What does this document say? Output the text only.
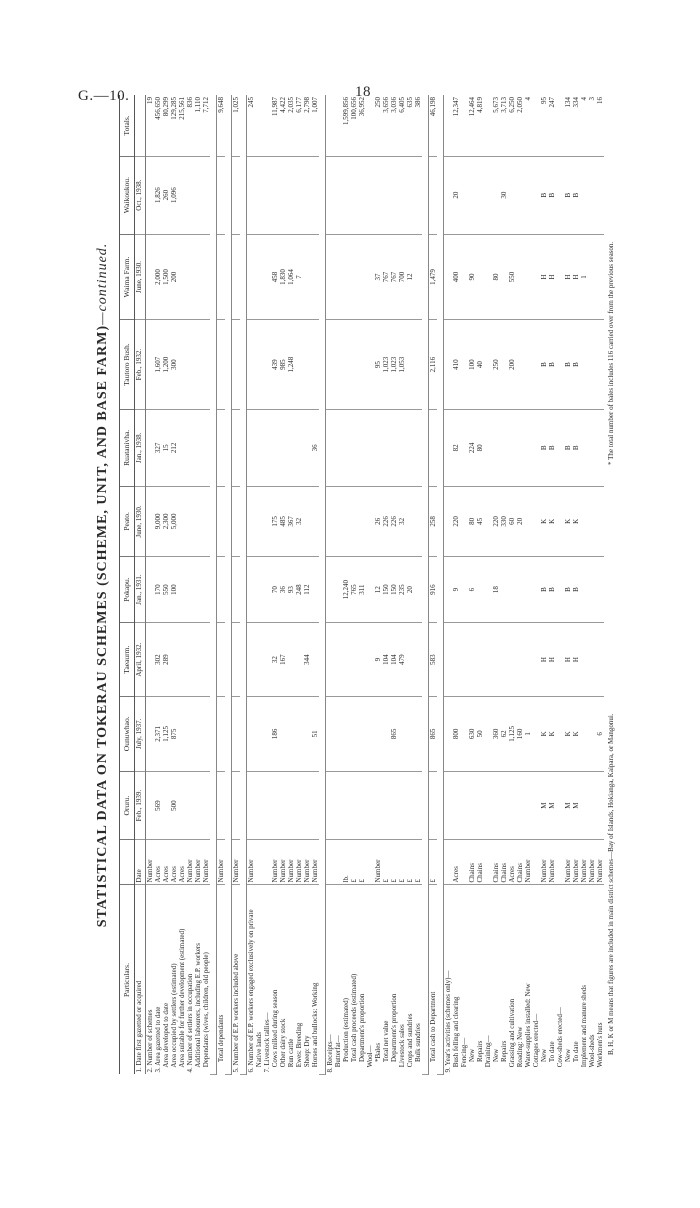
G.—10.	18
STATISTICAL DATA ON TOKERAU SCHEMES (SCHEME, UNIT, AND BASE FARM)—continued.
Particulars.		Oruru.	Ounuwhao.	Taeaurm.	Pokapu.	Peato.	Ruatanivha.	Tautoro Bush.	Waima Farm.	Waikoukou.	Totals.
1. Date first gazetted or acquired	Date	Feb., 1939.	July, 1937.	April, 1932.	Jan., 1931.	June, 1930.	Jan., 1938.	Feb., 1932.	June, 1930.	Oct., 1938.	
2. Number of schemes	Number										19
3. Area gazetted to date	Acres	569	2,371	302	170	9,000	327	1,607	2,000	1,826	456,650
Area developed to date	Acres		1,125	289	550	2,300	15	1,200	1,500	260	80,299
Area occupied by settlers (estimated)	Acres	500	875		100	5,000	212	300	200	1,096	129,285
Area suitable for further development (estimated)	Acres										215,561
4. Number of settlers in occupation	Number										836
Additional labourers, including E.P. workers	Number										1,110
Dependants (wives, children, old people)	Number										7,712

Total dependants	Number										9,648

5. Number of E.P. workers included above	Number										1,025

6. Number of E.P. workers engaged exclusively on private	Number										245
Native lands											
7. Livestock tallies—											
Cows milked during season	Number		186	32	70	175		439	458		11,987
Other dairy stock	Number			167	36	485		985	1,830		4,422
Run cattle	Number				93	367		1,248	1,064		2,035
Ewes: Breeding	Number				248	32			7		6,177
Sheep: Dry	Number			344	112						2,798
Horses and bullocks: Working	Number		51				36				1,007

8. Receipts—											
Butterfat—											
Production (estimated)	lb.				12,240						1,599,856
Total cash proceeds (estimated)	£				765						100,656
Department's proportion	£				311						36,952
Wool—											
*Bales	Number			9	12	26		95	37		250
Total net value	£			104	150	226		1,023	767		3,656
Department's proportion	£		865	104	150	226		1,023	767		3,036
Livestock sales	£			479	235	32		1,053	700		6,405
Crops and sundries	£				20				12		635
Bulk sundries	£										386

Total cash to Department	£		865	583	916	258		2,116	1,479		46,198

9. Year's activities (schemes only)—											
Bush felling and clearing	Acres		800		9	220	82	410	400	20	12,347
Fencing—											
New	Chains		630		6	80	224	100	90		12,464
Repairs	Chains		50			45	80	40			4,819
Draining—											
New	Chains		360		18	220		250	80		5,673
Repairs	Chains		62			330				30	3,713
Grassing and cultivation	Acres		1,125			60		200	550		6,250
Roading: New	Chains		160			20					2,050
Water-supplies installed: New	Number		1								4
Cottages erected—											
New	Number	M	K	H	B	K	B	B	H	B	95
To date	Number	M	K	H	B	K	B	B	H	B	247
Cow-sheds erected—											
New	Number	M	K	H	B	K	B	B	H	B	134
To date	Number	M	K	H	B	K	B	B	H	B	334
Implement and manure sheds	Number								1		4
Wool-sheds	Number										3
Workmen's huts	Number		6								16
B, H, K or M means that figures are included in main district schemes—Bay of Islands, Hokianga, Kaipara, or Mangonui.
* The total number of bales includes 116 carried over from the previous season.
